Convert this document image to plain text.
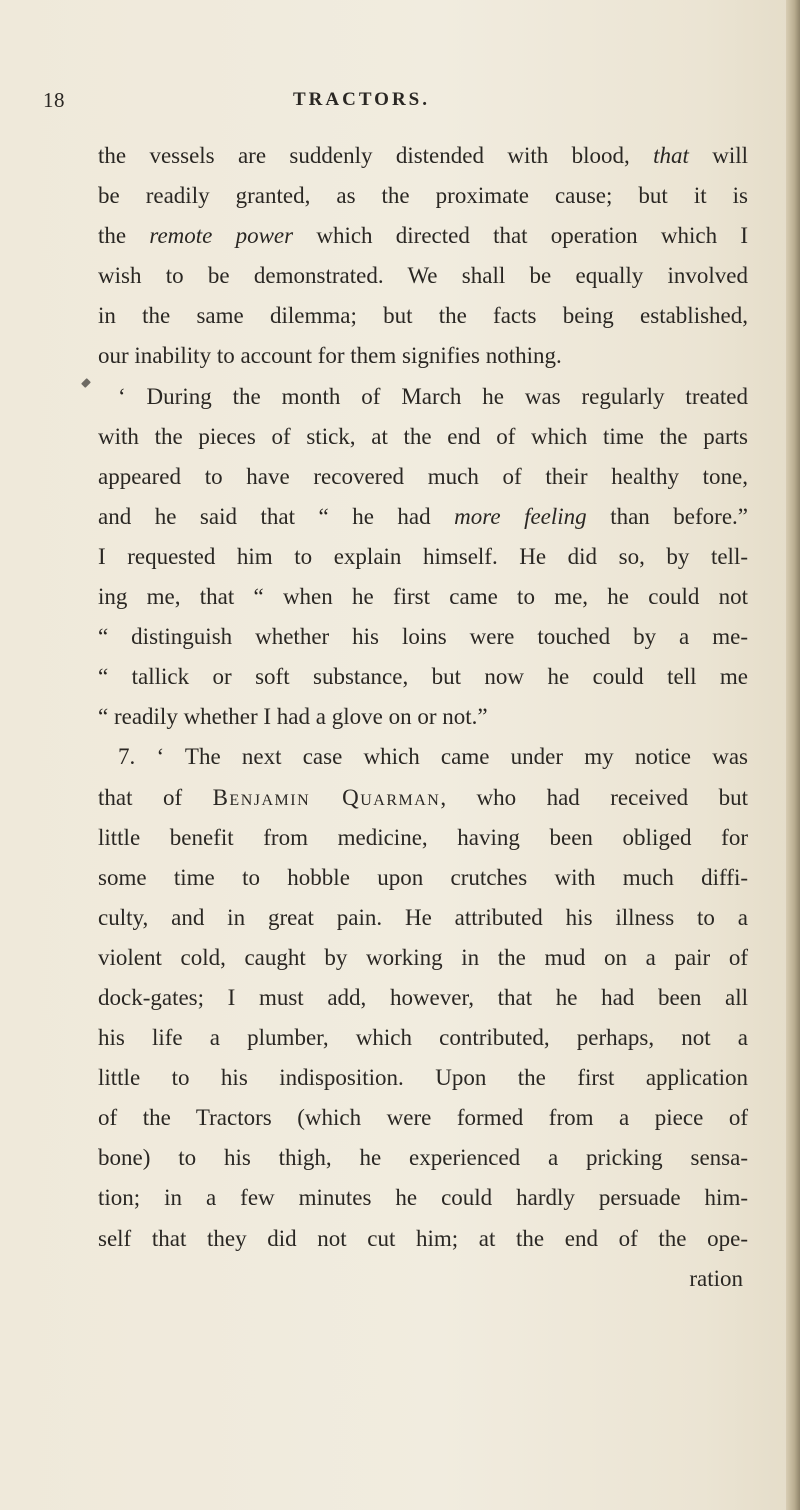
18	TRACTORS.
the vessels are suddenly distended with blood, that will
be readily granted, as the proximate cause; but it is
the remote power which directed that operation which I
wish to be demonstrated. We shall be equally involved
in the same dilemma; but the facts being established,
our inability to account for them signifies nothing.
‘ During the month of March he was regularly treated
with the pieces of stick, at the end of which time the parts
appeared to have recovered much of their healthy tone,
and he said that “ he had more feeling than before.”
I requested him to explain himself. He did so, by tell-
ing me, that “ when he first came to me, he could not
“ distinguish whether his loins were touched by a me-
“ tallick or soft substance, but now he could tell me
“ readily whether I had a glove on or not.”
7. ‘ The next case which came under my notice was
that of Benjamin Quarman, who had received but
little benefit from medicine, having been obliged for
some time to hobble upon crutches with much diffi-
culty, and in great pain. He attributed his illness to a
violent cold, caught by working in the mud on a pair of
dock-gates; I must add, however, that he had been all
his life a plumber, which contributed, perhaps, not a
little to his indisposition. Upon the first application
of the Tractors (which were formed from a piece of
bone) to his thigh, he experienced a pricking sensa-
tion; in a few minutes he could hardly persuade him-
self that they did not cut him; at the end of the ope-
ration
